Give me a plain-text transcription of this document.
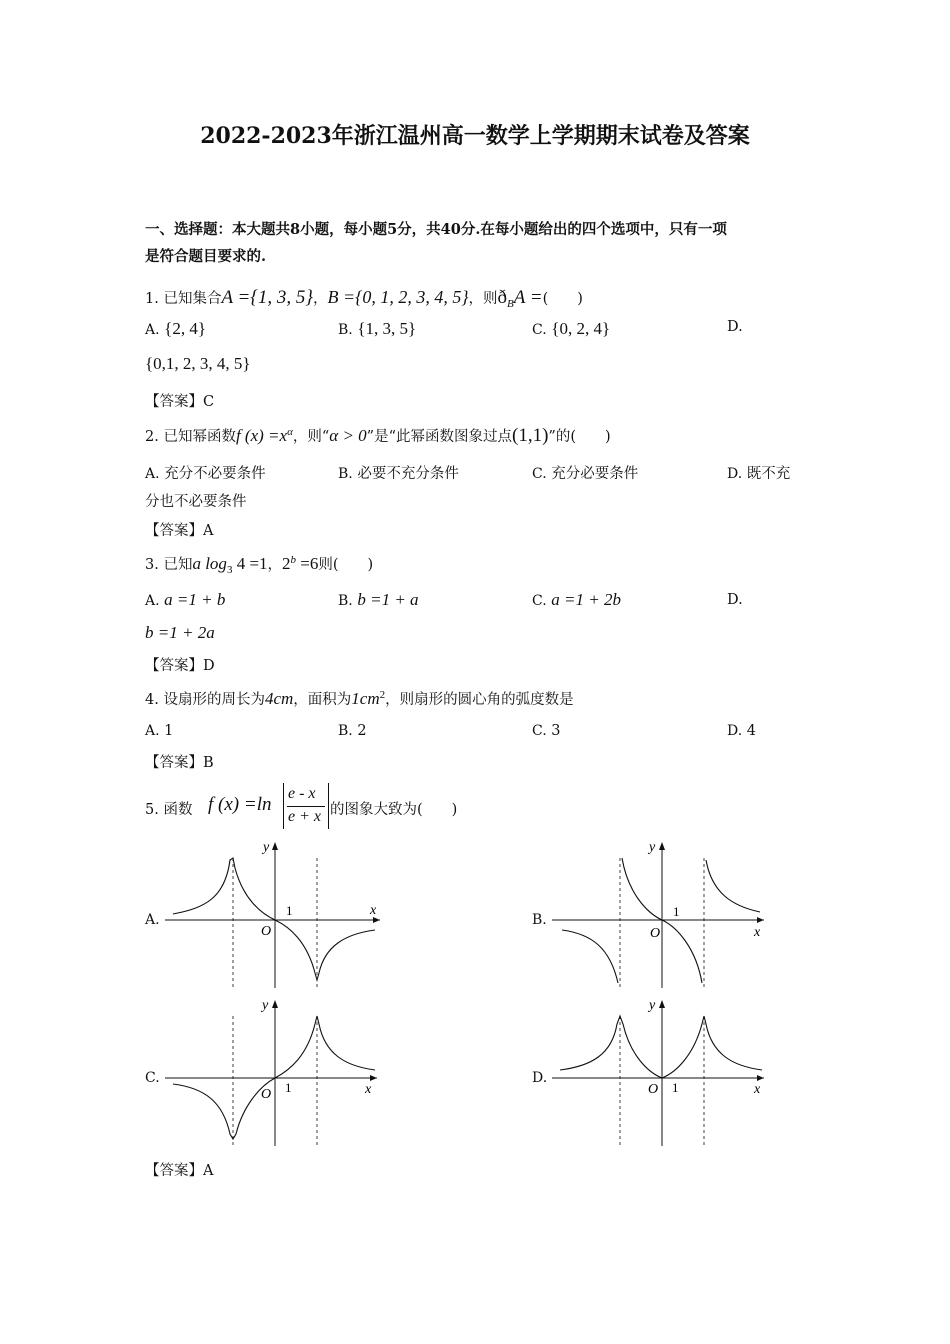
2022-2023年浙江温州高一数学上学期期末试卷及答案
一、选择题：本大题共8小题，每小题5分，共40分.在每小题给出的四个选项中，只有一项
是符合题目要求的.
1. 已知集合A ={1, 3, 5}，B ={0, 1, 2, 3, 4, 5}，则$ð_BA$ =(　　)
A. {2, 4}	B. {1, 3, 5}	C. {0, 2, 4}	D.
{0,1, 2, 3, 4, 5}
【答案】C
2. 已知幂函数f $(x) =x^\alpha$，则“α > 0”是“此幂函数图象过点(1,1)”的(　　)
A. 充分不必要条件	B. 必要不充分条件	C. 充分必要条件	D. 既不充
分也不必要条件
【答案】A
3. 已知a $\log_3 4 =1$，$2^b =6$则(　　)
A. a =1 + b	B. b =1 + a	C. a =1 + 2b	D.
b =1 + 2a
【答案】D
4. 设扇形的周长为4cm，面积为$1cm^2$，则扇形的圆心角的弧度数是
A. 1	B. 2	C. 3	D. 4
【答案】B
5. 函数 f (x) =ln
e - x
e + x 的图象大致为(　　)
A.	B.
C.	D.
y
x
O
1
y
x
O
1
y
x
O 1
y
x
O 1
【答案】A
